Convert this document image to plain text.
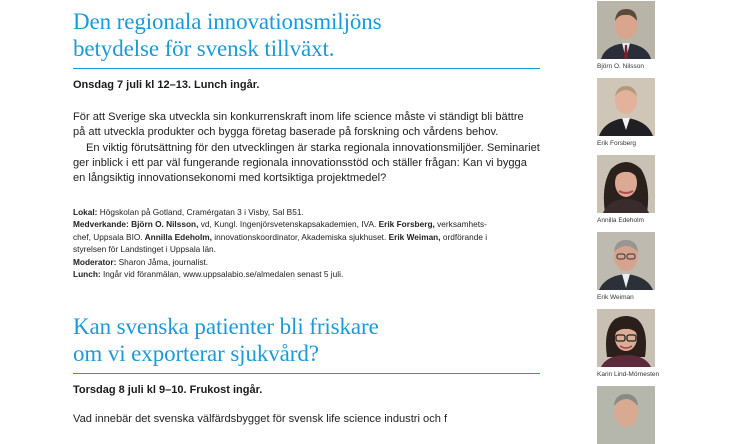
Den regionala innovationsmiljöns
betydelse för svensk tillväxt.

Onsdag 7 juli kl 12–13. Lunch ingår.

För att Sverige ska utveckla sin konkurrenskraft inom life science måste vi ständigt bli bättre
på att utveckla produkter och bygga företag baserade på forskning och vårdens behov.
En viktig förutsättning för den utvecklingen är starka regionala innovationsmiljöer. Seminariet
ger inblick i ett par väl fungerande regionala innovationsstöd och ställer frågan: Kan vi bygga
en långsiktig innovationsekonomi med kortsiktiga projektmedel?
Lokal: Högskolan på Gotland, Cramérgatan 3 i Visby, Sal B51.
Medverkande: Björn O. Nilsson, vd, Kungl. Ingenjörsvetenskapsakademien, IVA. Erik Forsberg, verksamhets-
chef, Uppsala BIO. Annilla Edeholm, innovationskoordinator, Akademiska sjukhuset. Erik Weiman, ordförande i
styrelsen för Landstinget i Uppsala län.
Moderator: Sharon Jåma, journalist.
Lunch: Ingår vid föranmälan, www.uppsalabio.se/almedalen senast 5 juli.
Kan svenska patienter bli friskare
om vi exporterar sjukvård?

Torsdag 8 juli kl 9–10. Frukost ingår.

Vad innebär det svenska välfärdsbygget för svensk life science industri och f
Björn O. Nilsson
Erik Forsberg
Annilla Edeholm
Erik Weiman
Karin Lind-Mörnesten
